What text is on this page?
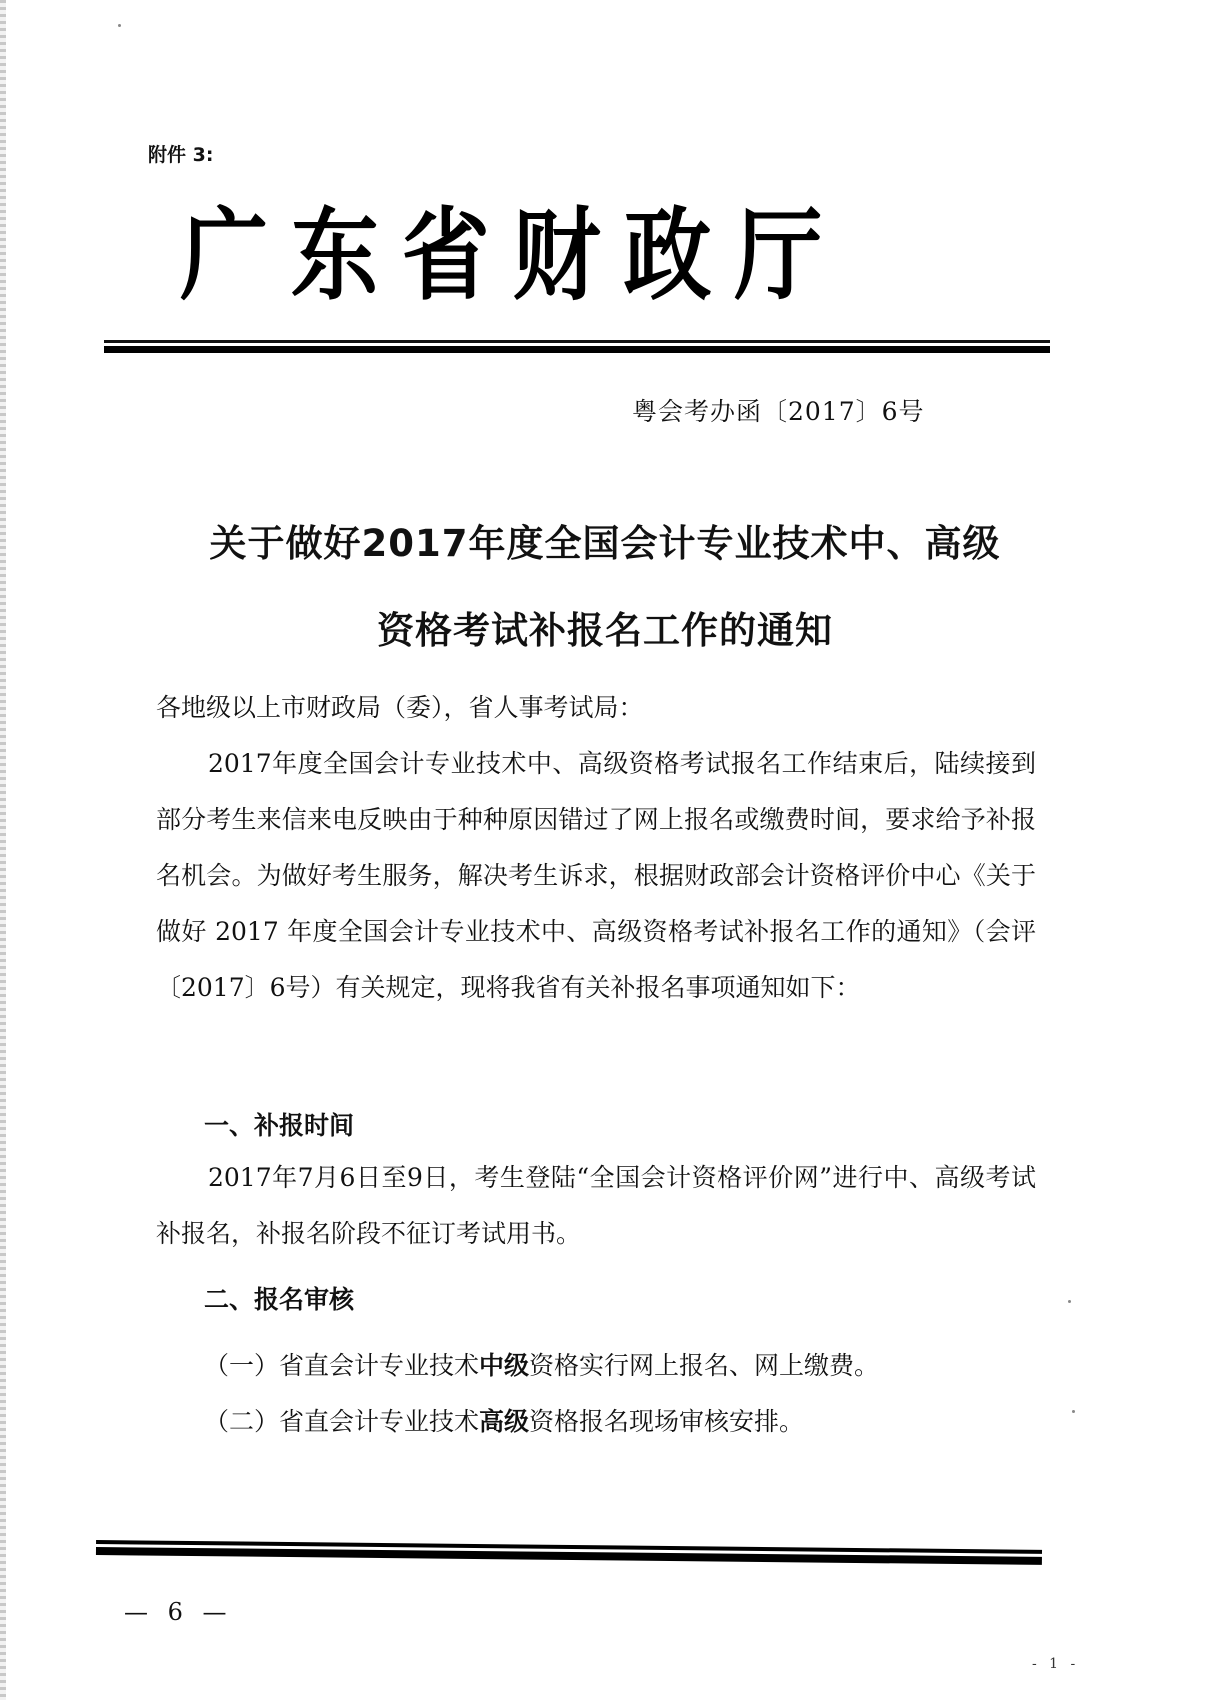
附件 3:
广东省财政厅
粤会考办函〔2017〕6号
关于做好2017年度全国会计专业技术中、高级
资格考试补报名工作的通知
各地级以上市财政局（委），省人事考试局：
2017年度全国会计专业技术中、高级资格考试报名工作结束后，陆续接到部分考生来信来电反映由于种种原因错过了网上报名或缴费时间，要求给予补报名机会。为做好考生服务，解决考生诉求，根据财政部会计资格评价中心《关于做好 2017 年度全国会计专业技术中、高级资格考试补报名工作的通知》（会评〔2017〕6号）有关规定，现将我省有关补报名事项通知如下：
一、补报时间
2017年7月6日至9日，考生登陆“全国会计资格评价网”进行中、高级考试补报名，补报名阶段不征订考试用书。
二、报名审核
（一）省直会计专业技术中级资格实行网上报名、网上缴费。
（二）省直会计专业技术高级资格报名现场审核安排。
— 6 —
- 1 -
